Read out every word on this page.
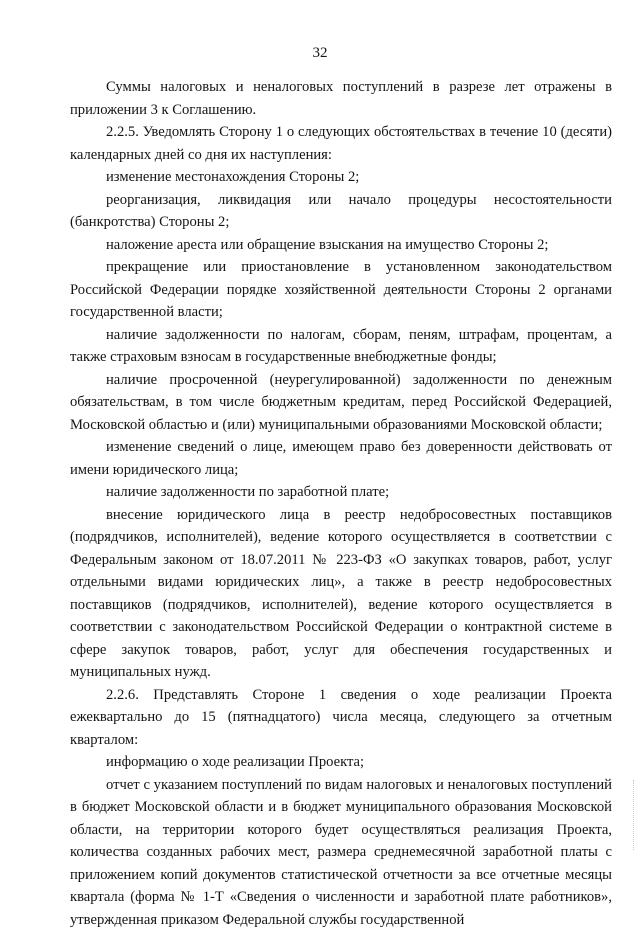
32

Суммы налоговых и неналоговых поступлений в разрезе лет отражены в приложении 3 к Соглашению.

2.2.5. Уведомлять Сторону 1 о следующих обстоятельствах в течение 10 (десяти) календарных дней со дня их наступления:

изменение местонахождения Стороны 2;

реорганизация, ликвидация или начало процедуры несостоятельности (банкротства) Стороны 2;

наложение ареста или обращение взыскания на имущество Стороны 2;

прекращение или приостановление в установленном законодательством Российской Федерации порядке хозяйственной деятельности Стороны 2 органами государственной власти;

наличие задолженности по налогам, сборам, пеням, штрафам, процентам, а также страховым взносам в государственные внебюджетные фонды;

наличие просроченной (неурегулированной) задолженности по денежным обязательствам, в том числе бюджетным кредитам, перед Российской Федерацией, Московской областью и (или) муниципальными образованиями Московской области;

изменение сведений о лице, имеющем право без доверенности действовать от имени юридического лица;

наличие задолженности по заработной плате;

внесение юридического лица в реестр недобросовестных поставщиков (подрядчиков, исполнителей), ведение которого осуществляется в соответствии с Федеральным законом от 18.07.2011 № 223-ФЗ «О закупках товаров, работ, услуг отдельными видами юридических лиц», а также в реестр недобросовестных поставщиков (подрядчиков, исполнителей), ведение которого осуществляется в соответствии с законодательством Российской Федерации о контрактной системе в сфере закупок товаров, работ, услуг для обеспечения государственных и муниципальных нужд.

2.2.6. Представлять Стороне 1 сведения о ходе реализации Проекта ежеквартально до 15 (пятнадцатого) числа месяца, следующего за отчетным кварталом:

информацию о ходе реализации Проекта;

отчет с указанием поступлений по видам налоговых и неналоговых поступлений в бюджет Московской области и в бюджет муниципального образования Московской области, на территории которого будет осуществляться реализация Проекта, количества созданных рабочих мест, размера среднемесячной заработной платы с приложением копий документов статистической отчетности за все отчетные месяцы квартала (форма № 1-Т «Сведения о численности и заработной плате работников», утвержденная приказом Федеральной службы государственной
